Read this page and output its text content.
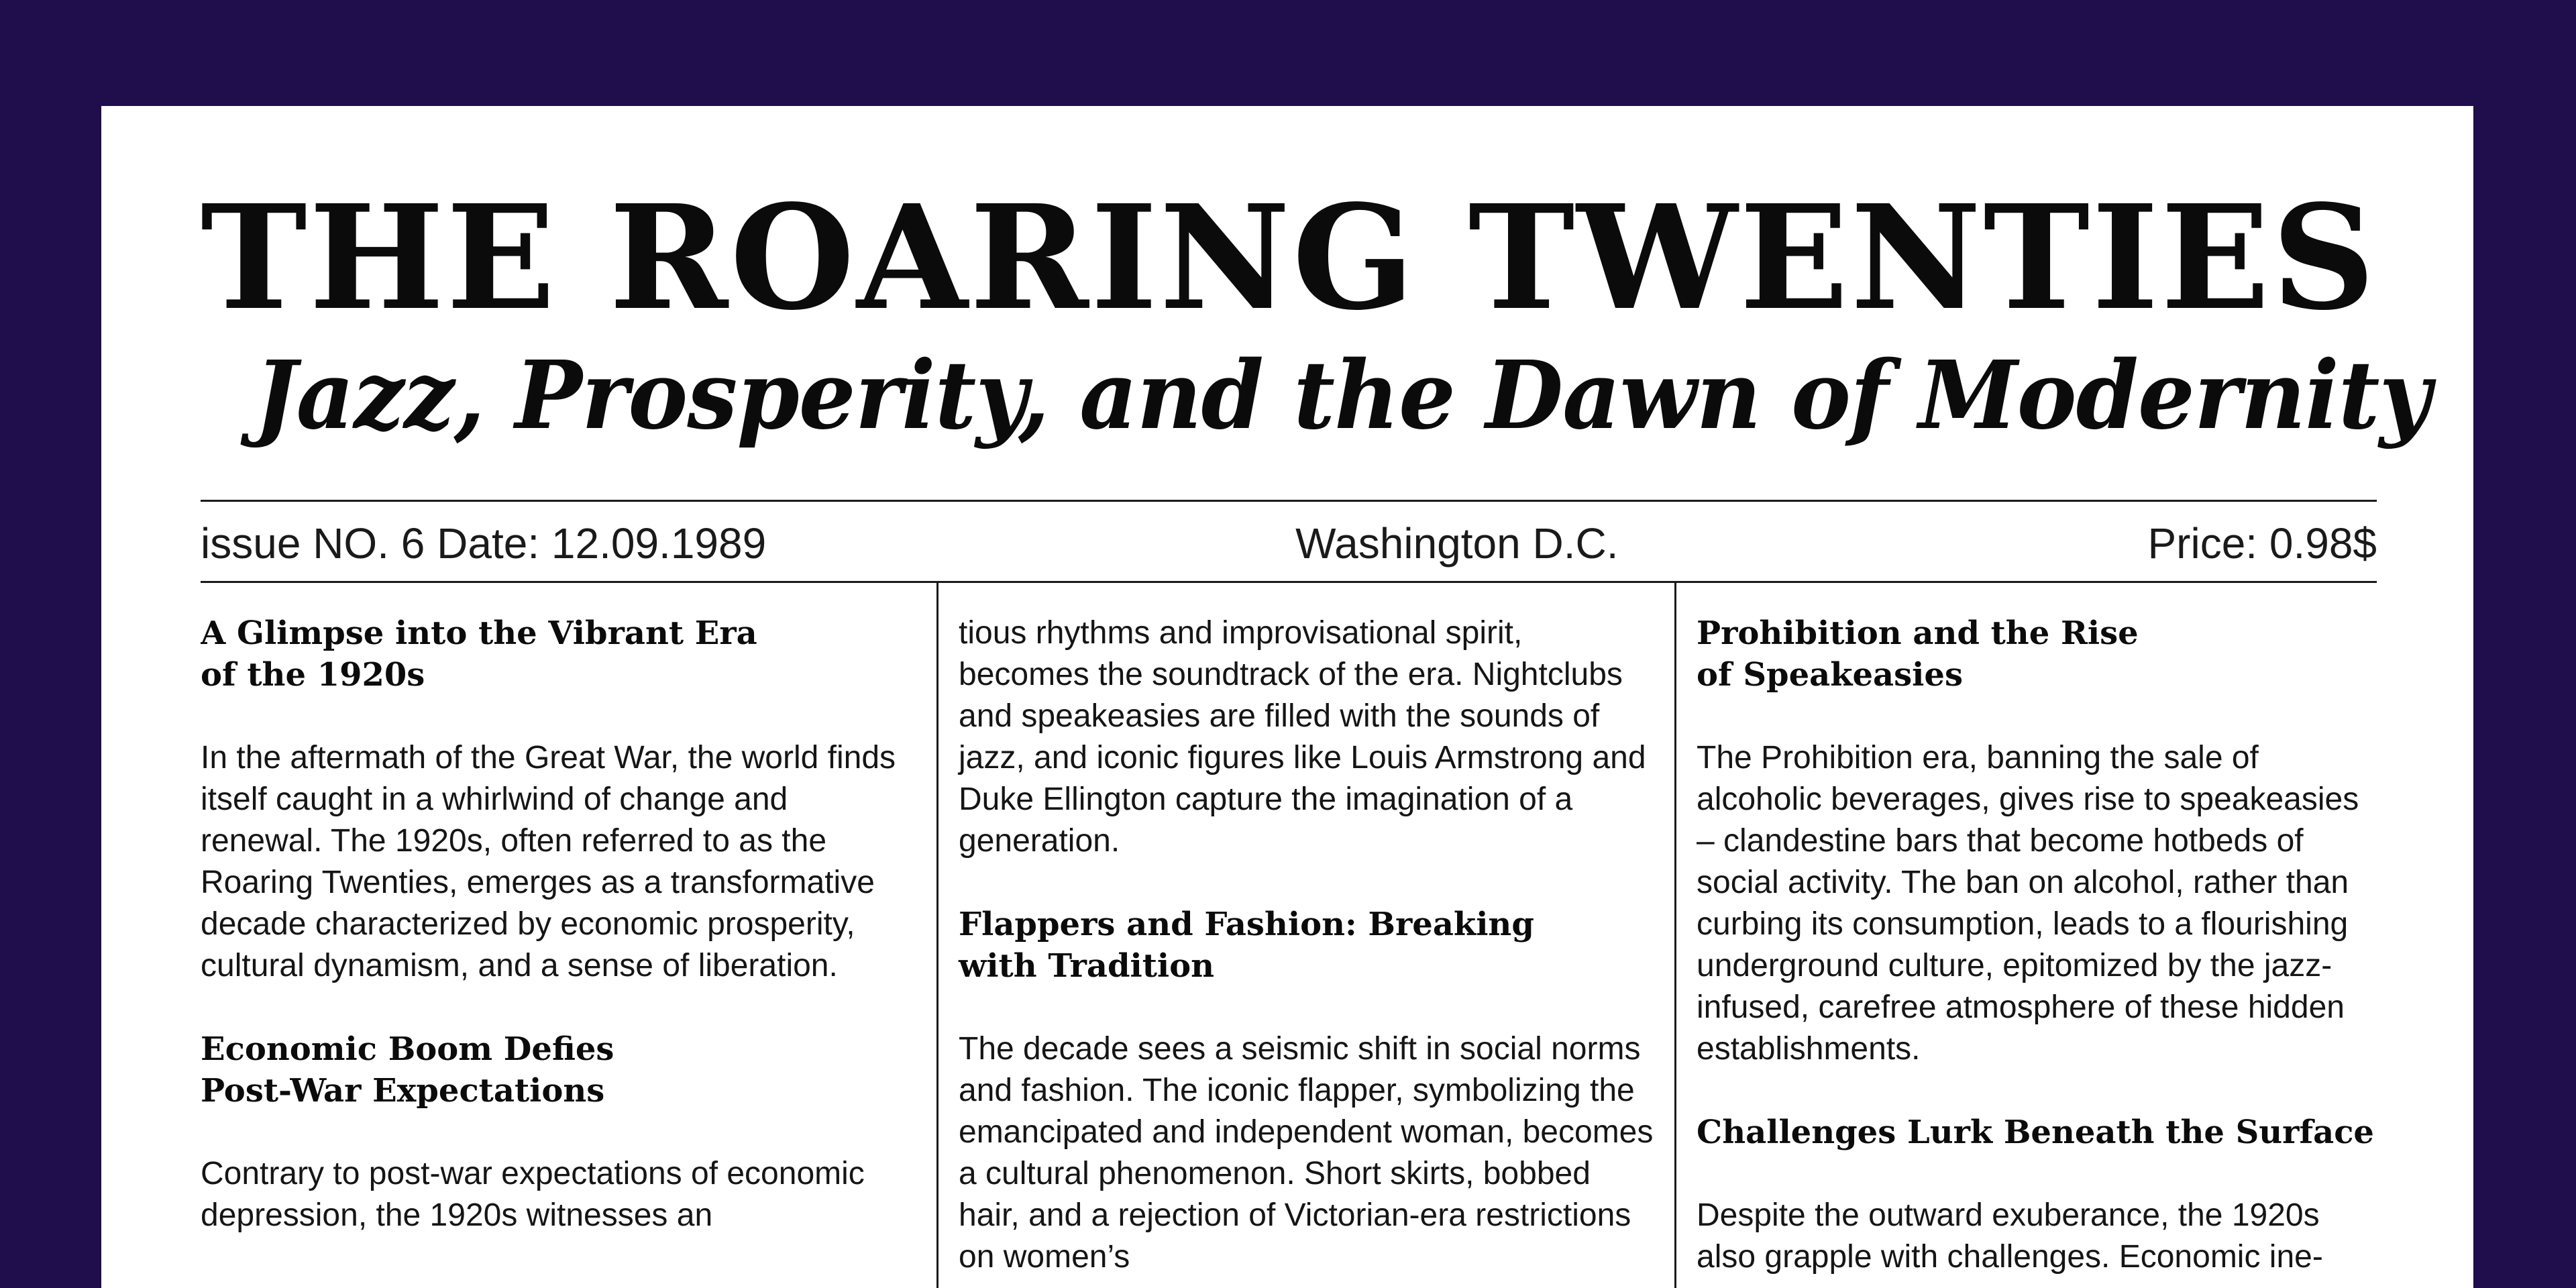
THE ROARING TWENTIES
Jazz, Prosperity, and the Dawn of Modernity
issue NO. 6 Date: 12.09.1989	Washington D.C.	Price: 0.98$
A Glimpse into the Vibrant Era
of the 1920s

In the aftermath of the Great War, the world finds itself caught in a whirlwind of change and renewal. The 1920s, often referred to as the Roaring Twenties, emerges as a transformative decade characterized by economic prosperity, cultural dynamism, and a sense of liberation.

Economic Boom Defies
Post-War Expectations

Contrary to post-war expectations of economic depression, the 1920s witnesses an

tious rhythms and improvisational spirit, becomes the soundtrack of the era. Nightclubs and speakeasies are filled with the sounds of jazz, and iconic figures like Louis Armstrong and Duke Ellington capture the imagination of a generation.

Flappers and Fashion: Breaking
with Tradition

The decade sees a seismic shift in social norms and fashion. The iconic flapper, symbolizing the emancipated and independent woman, becomes a cultural phenomenon. Short skirts, bobbed hair, and a rejection of Victorian-era restrictions on women’s

Prohibition and the Rise
of Speakeasies

The Prohibition era, banning the sale of alcoholic beverages, gives rise to speakeasies – clandestine bars that become hotbeds of social activity. The ban on alcohol, rather than curbing its consumption, leads to a flourishing underground culture, epitomized by the jazz-infused, carefree atmosphere of these hidden establishments.

Challenges Lurk Beneath the Surface

Despite the outward exuberance, the 1920s also grapple with challenges. Economic ine-
